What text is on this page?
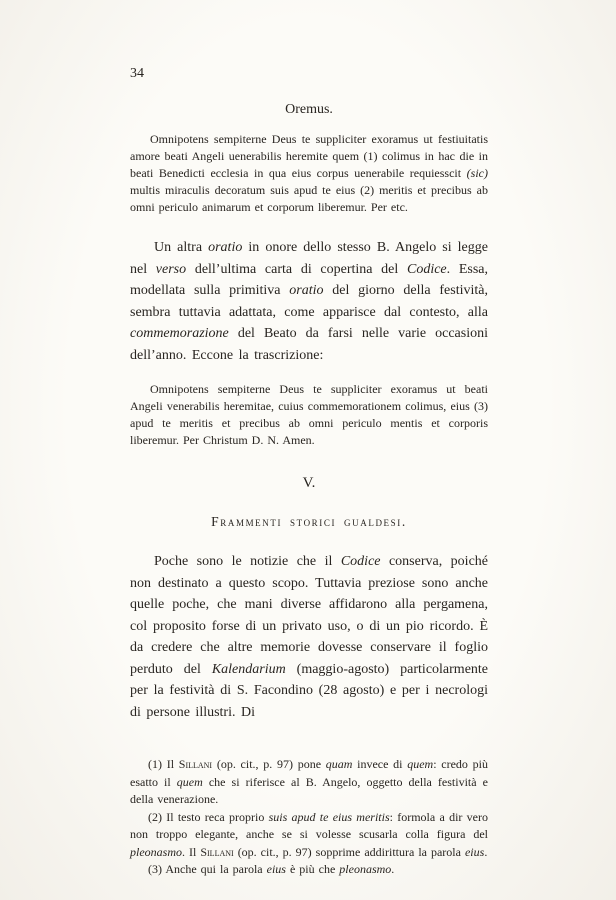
34
Oremus.

Omnipotens sempiterne Deus te suppliciter exoramus ut festiuitatis amore beati Angeli uenerabilis heremite quem (1) colimus in hac die in beati Benedicti ecclesia in qua eius corpus uenerabile requiesscit (sic) multis miraculis decoratum suis apud te eius (2) meritis et precibus ab omni periculo animarum et corporum liberemur. Per etc.

Un altra oratio in onore dello stesso B. Angelo si legge nel verso dell’ultima carta di copertina del Codice. Essa, modellata sulla primitiva oratio del giorno della festività, sembra tuttavia adattata, come apparisce dal contesto, alla commemorazione del Beato da farsi nelle varie occasioni dell’anno. Eccone la trascrizione:

Omnipotens sempiterne Deus te suppliciter exoramus ut beati Angeli venerabilis heremitae, cuius commemorationem colimus, eius (3) apud te meritis et precibus ab omni periculo mentis et corporis liberemur. Per Christum D. N. Amen.

V.
Frammenti storici gualdesi.

Poche sono le notizie che il Codice conserva, poiché non destinato a questo scopo. Tuttavia preziose sono anche quelle poche, che mani diverse affidarono alla pergamena, col proposito forse di un privato uso, o di un pio ricordo. È da credere che altre memorie dovesse conservare il foglio perduto del Kalendarium (maggio-agosto) particolarmente per la festività di S. Facondino (28 agosto) e per i necrologi di persone illustri. Di

(1) Il Sillani (op. cit., p. 97) pone quam invece di quem: credo più esatto il quem che si riferisce al B. Angelo, oggetto della festività e della venerazione.

(2) Il testo reca proprio suis apud te eius meritis: formola a dir vero non troppo elegante, anche se si volesse scusarla colla figura del pleonasmo. Il Sillani (op. cit., p. 97) sopprime addirittura la parola eius.

(3) Anche qui la parola eius è più che pleonasmo.
